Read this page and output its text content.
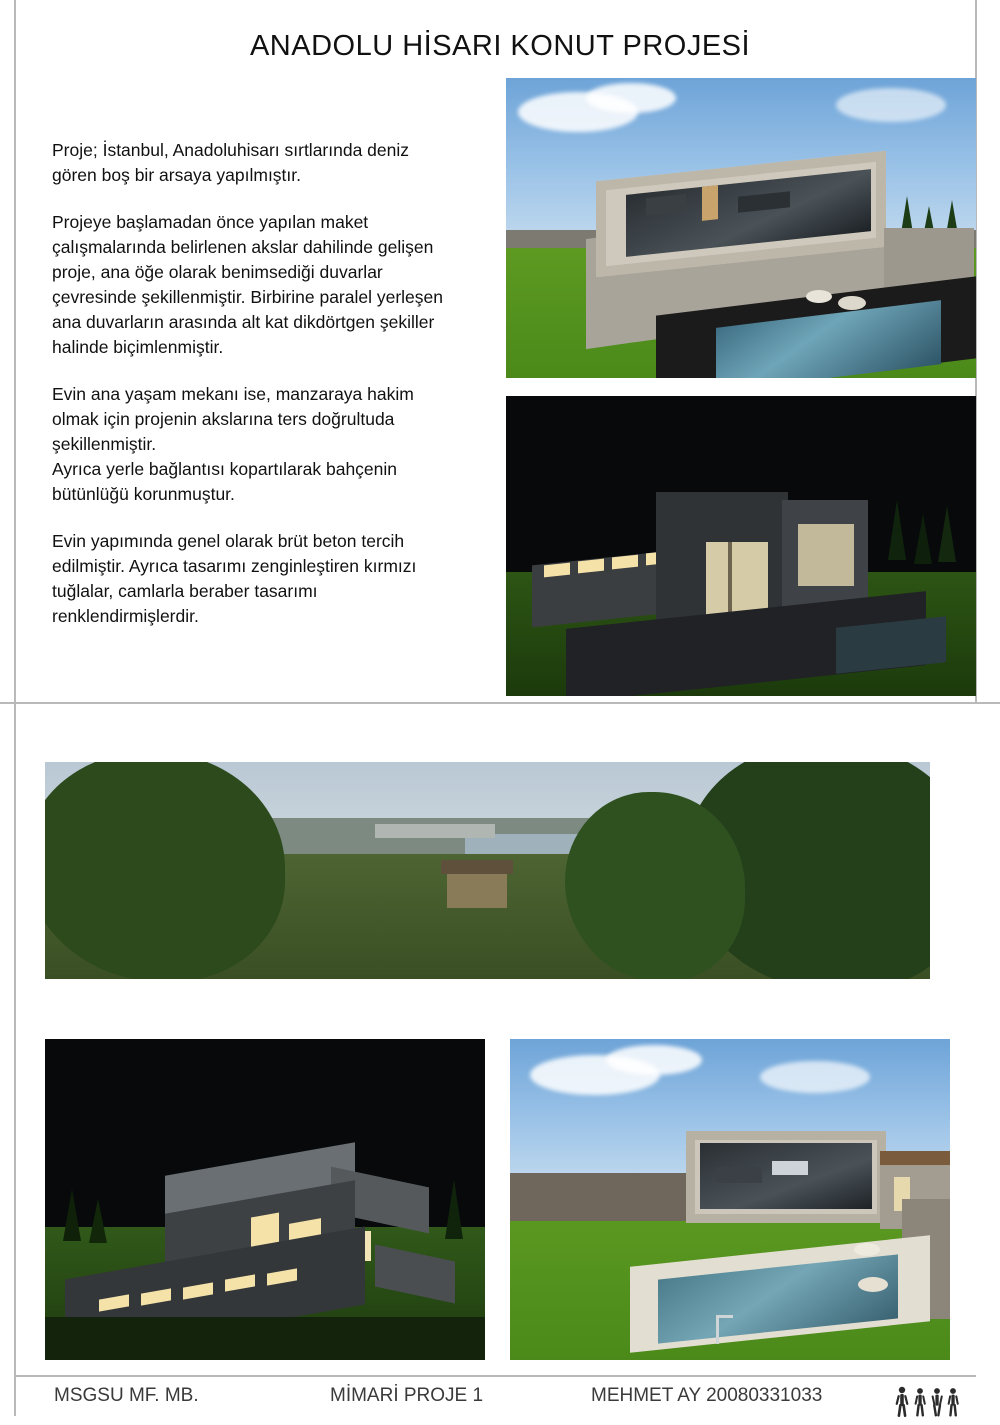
ANADOLU HİSARI KONUT PROJESİ

Proje; İstanbul, Anadoluhisarı sırtlarında deniz gören boş bir arsaya yapılmıştır.

Projeye başlamadan önce yapılan maket çalışmalarında belirlenen akslar dahilinde gelişen proje, ana öğe olarak benimsediği duvarlar çevresinde şekillenmiştir. Birbirine paralel yerleşen ana duvarların arasında alt kat dikdörtgen şekiller halinde biçimlenmiştir.

Evin ana yaşam mekanı ise, manzaraya hakim olmak için projenin akslarına ters doğrultuda şekillenmiştir.

Ayrıca yerle bağlantısı kopartılarak bahçenin bütünlüğü korunmuştur.

Evin yapımında genel olarak brüt beton tercih edilmiştir. Ayrıca tasarımı zenginleştiren kırmızı tuğlalar, camlarla beraber tasarımı renklendirmişlerdir.

MSGSU MF. MB.	MİMARİ PROJE 1	MEHMET AY 20080331033
